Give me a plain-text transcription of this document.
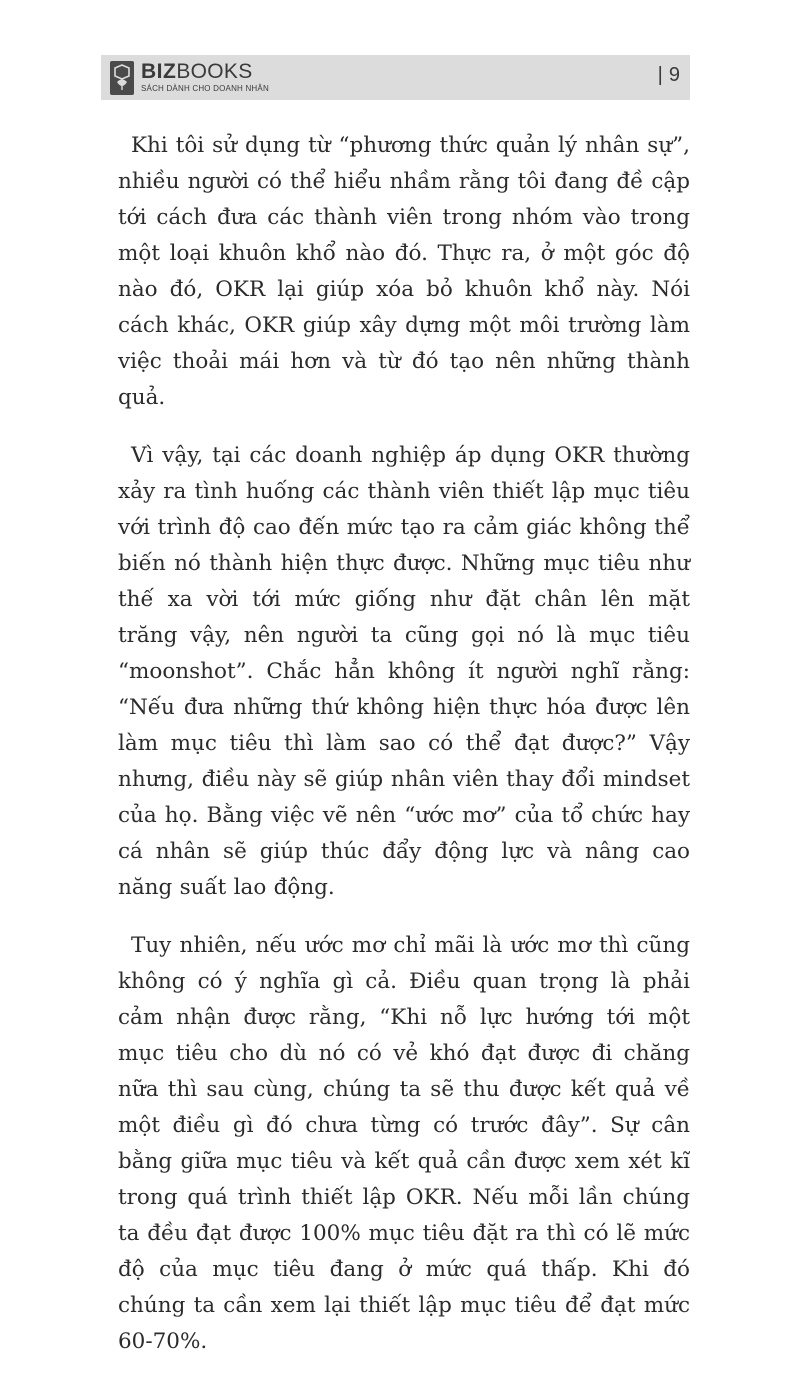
BIZBOOKS
SÁCH DÀNH CHO DOANH NHÂN
| 9

Khi tôi sử dụng từ “phương thức quản lý nhân sự”, nhiều người có thể hiểu nhầm rằng tôi đang đề cập tới cách đưa các thành viên trong nhóm vào trong một loại khuôn khổ nào đó. Thực ra, ở một góc độ nào đó, OKR lại giúp xóa bỏ khuôn khổ này. Nói cách khác, OKR giúp xây dựng một môi trường làm việc thoải mái hơn và từ đó tạo nên những thành quả.

Vì vậy, tại các doanh nghiệp áp dụng OKR thường xảy ra tình huống các thành viên thiết lập mục tiêu với trình độ cao đến mức tạo ra cảm giác không thể biến nó thành hiện thực được. Những mục tiêu như thế xa vời tới mức giống như đặt chân lên mặt trăng vậy, nên người ta cũng gọi nó là mục tiêu “moonshot”. Chắc hẳn không ít người nghĩ rằng: “Nếu đưa những thứ không hiện thực hóa được lên làm mục tiêu thì làm sao có thể đạt được?” Vậy nhưng, điều này sẽ giúp nhân viên thay đổi mindset của họ. Bằng việc vẽ nên “ước mơ” của tổ chức hay cá nhân sẽ giúp thúc đẩy động lực và nâng cao năng suất lao động.

Tuy nhiên, nếu ước mơ chỉ mãi là ước mơ thì cũng không có ý nghĩa gì cả. Điều quan trọng là phải cảm nhận được rằng, “Khi nỗ lực hướng tới một mục tiêu cho dù nó có vẻ khó đạt được đi chăng nữa thì sau cùng, chúng ta sẽ thu được kết quả về một điều gì đó chưa từng có trước đây”. Sự cân bằng giữa mục tiêu và kết quả cần được xem xét kĩ trong quá trình thiết lập OKR. Nếu mỗi lần chúng ta đều đạt được 100% mục tiêu đặt ra thì có lẽ mức độ của mục tiêu đang ở mức quá thấp. Khi đó chúng ta cần xem lại thiết lập mục tiêu để đạt mức 60-70%.
